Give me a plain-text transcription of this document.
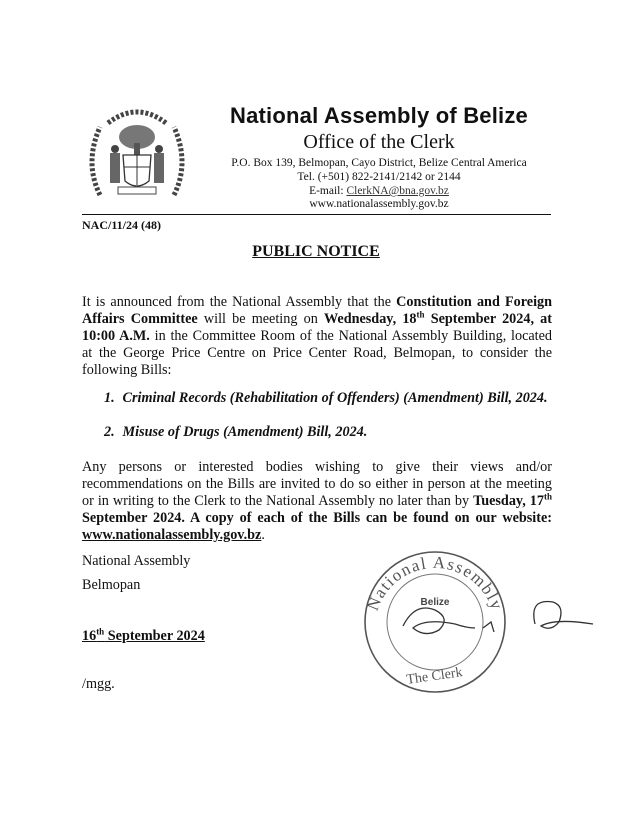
National Assembly of Belize
Office of the Clerk
P.O. Box 139, Belmopan, Cayo District, Belize Central America
Tel. (+501) 822-2141/2142 or 2144
E-mail: ClerkNA@bna.gov.bz
www.nationalassembly.gov.bz
NAC/11/24 (48)
PUBLIC NOTICE
It is announced from the National Assembly that the Constitution and Foreign Affairs Committee will be meeting on Wednesday, 18th September 2024, at 10:00 A.M. in the Committee Room of the National Assembly Building, located at the George Price Centre on Price Center Road, Belmopan, to consider the following Bills:
1. Criminal Records (Rehabilitation of Offenders) (Amendment) Bill, 2024.
2. Misuse of Drugs (Amendment) Bill, 2024.
Any persons or interested bodies wishing to give their views and/or recommendations on the Bills are invited to do so either in person at the meeting or in writing to the Clerk to the National Assembly no later than by Tuesday, 17th September 2024. A copy of each of the Bills can be found on our website: www.nationalassembly.gov.bz.
National Assembly
Belmopan
16th September 2024
/mgg.
National Assembly
Belize
The Clerk
